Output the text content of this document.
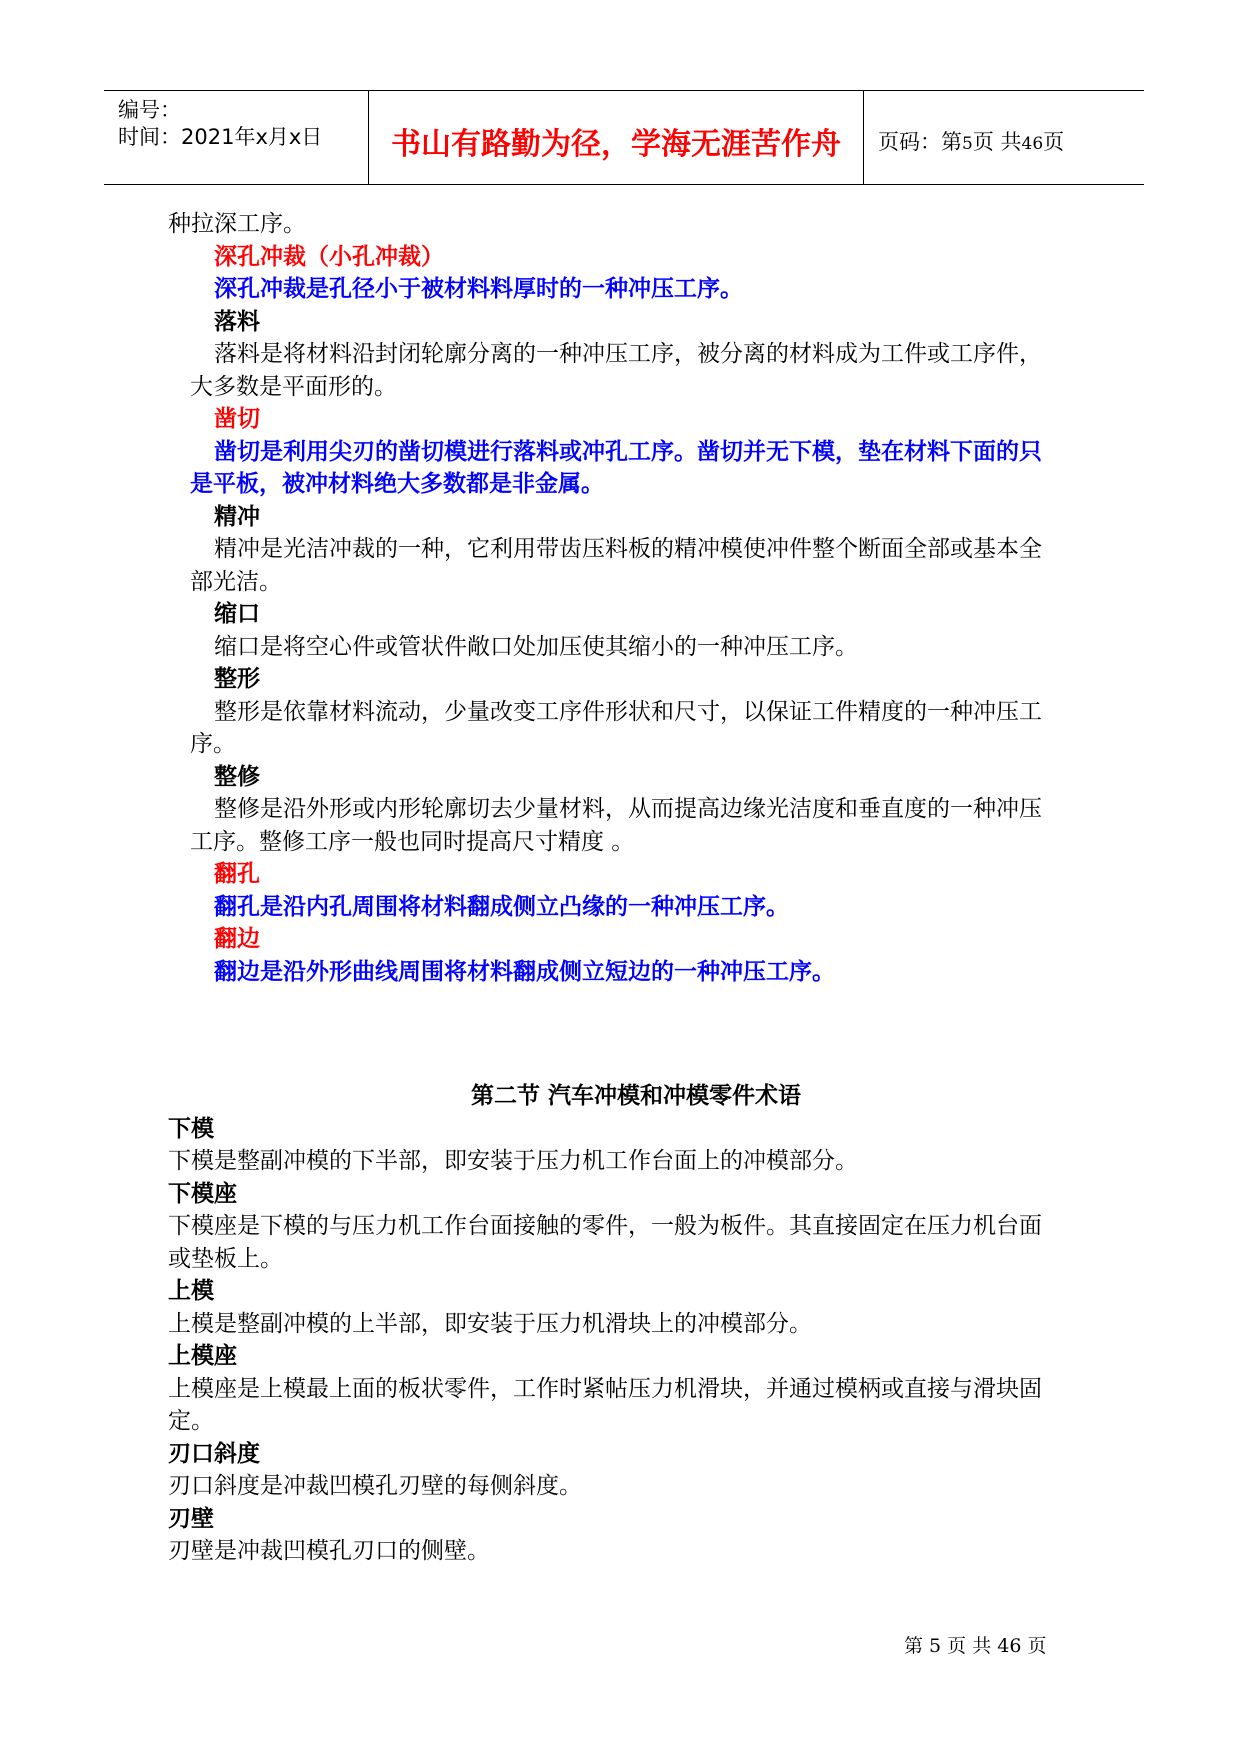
编号：
时间：2021年x月x日	书山有路勤为径，学海无涯苦作舟	页码：第5页 共46页

种拉深工序。

深孔冲裁（小孔冲裁）

深孔冲裁是孔径小于被材料料厚时的一种冲压工序。

落料

落料是将材料沿封闭轮廓分离的一种冲压工序，被分离的材料成为工件或工序件，大多数是平面形的。

凿切

凿切是利用尖刃的凿切模进行落料或冲孔工序。凿切并无下模，垫在材料下面的只是平板，被冲材料绝大多数都是非金属。

精冲

精冲是光洁冲裁的一种，它利用带齿压料板的精冲模使冲件整个断面全部或基本全部光洁。

缩口

缩口是将空心件或管状件敞口处加压使其缩小的一种冲压工序。

整形

整形是依靠材料流动，少量改变工序件形状和尺寸，以保证工件精度的一种冲压工序。

整修

整修是沿外形或内形轮廓切去少量材料，从而提高边缘光洁度和垂直度的一种冲压工序。整修工序一般也同时提高尺寸精度 。

翻孔

翻孔是沿内孔周围将材料翻成侧立凸缘的一种冲压工序。

翻边

翻边是沿外形曲线周围将材料翻成侧立短边的一种冲压工序。

第二节 汽车冲模和冲模零件术语

下模

下模是整副冲模的下半部，即安装于压力机工作台面上的冲模部分。

下模座

下模座是下模的与压力机工作台面接触的零件，一般为板件。其直接固定在压力机台面或垫板上。

上模

上模是整副冲模的上半部，即安装于压力机滑块上的冲模部分。

上模座

上模座是上模最上面的板状零件，工作时紧帖压力机滑块，并通过模柄或直接与滑块固定。

刃口斜度

刃口斜度是冲裁凹模孔刃壁的每侧斜度。

刃壁

刃壁是冲裁凹模孔刃口的侧壁。

第 5 页 共 46 页
